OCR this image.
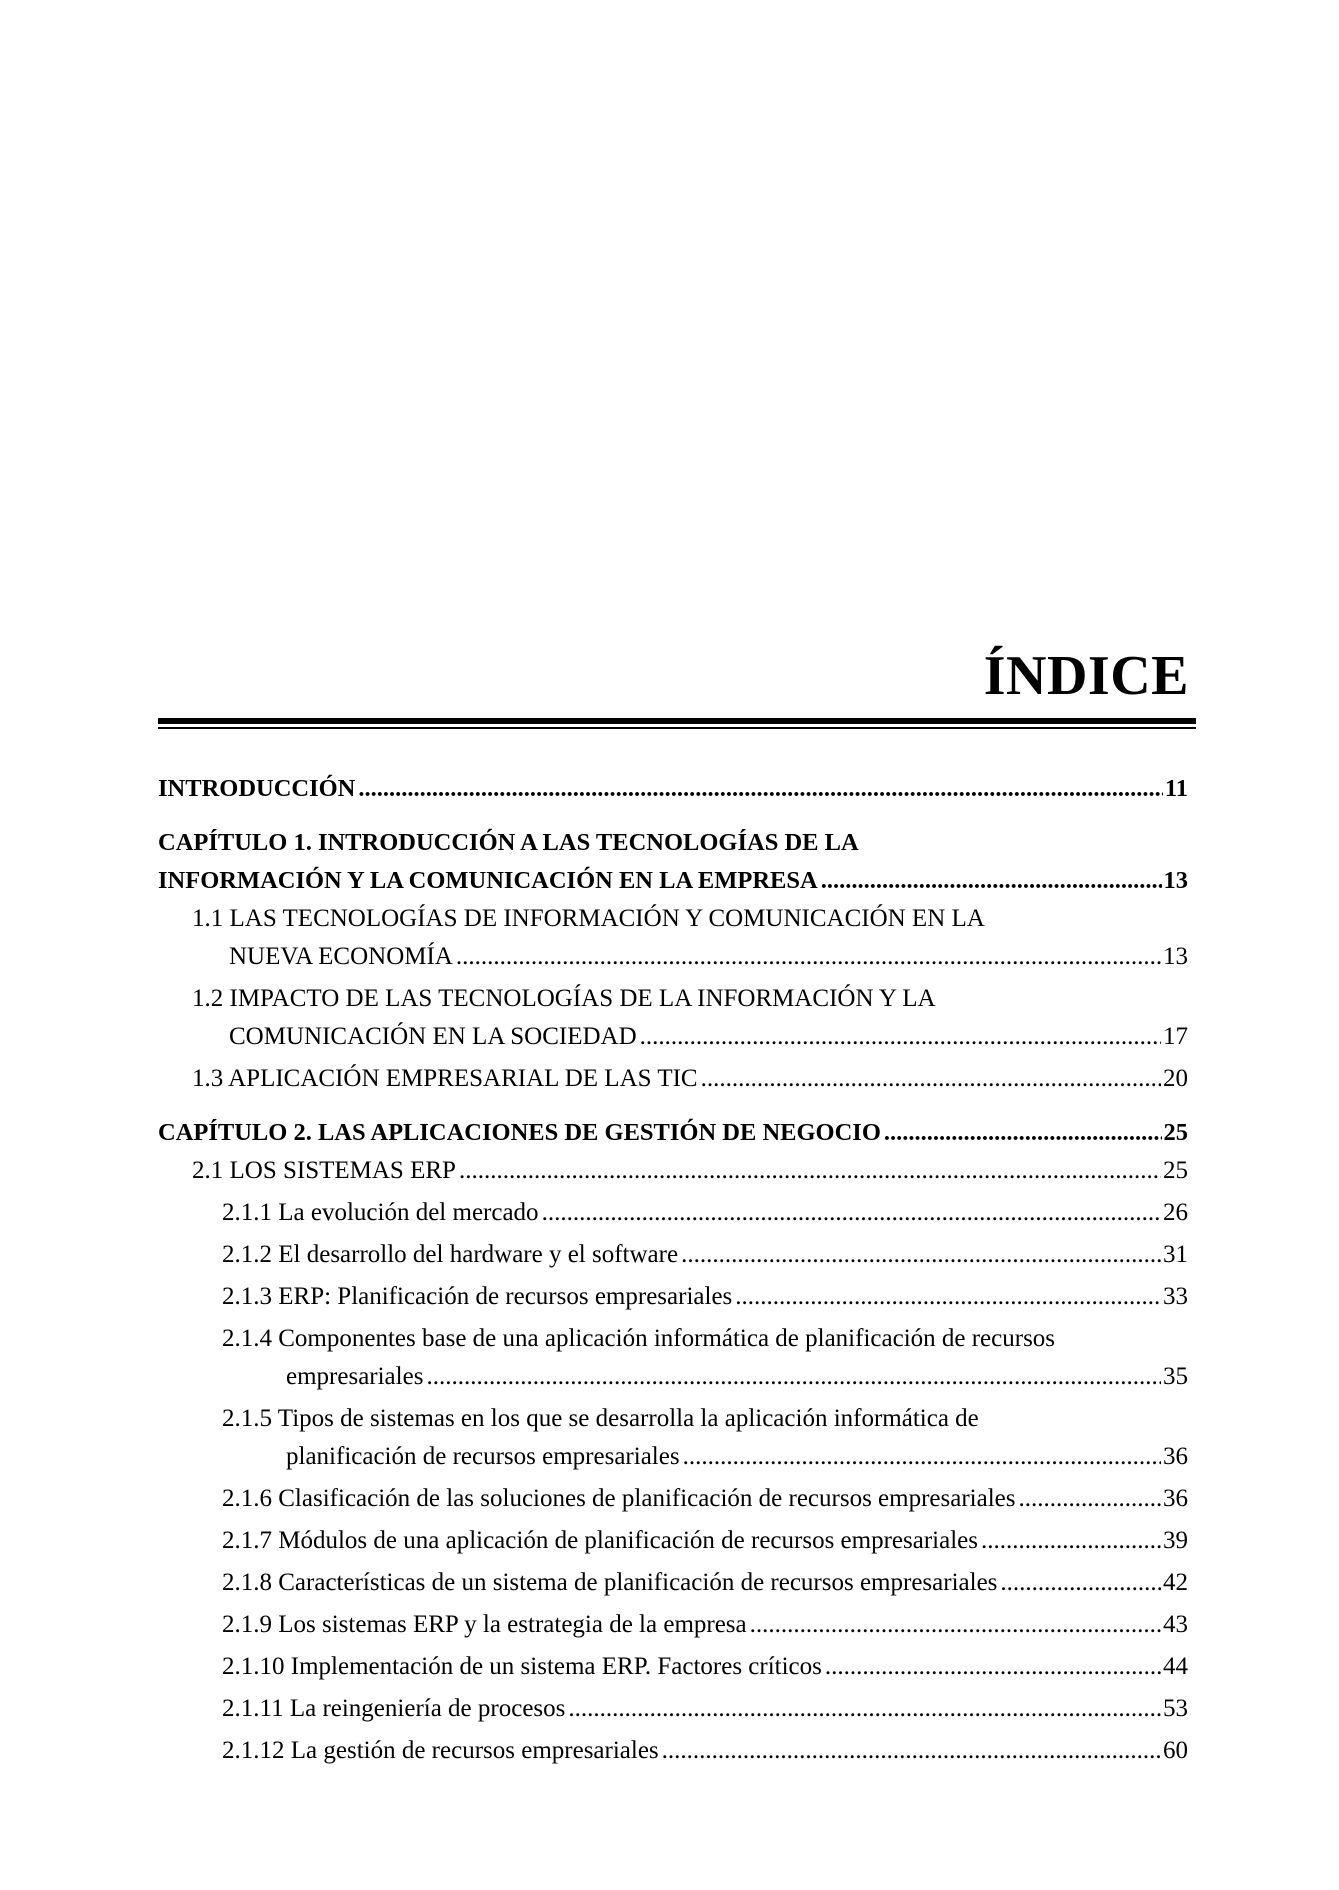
ÍNDICE
INTRODUCCIÓN .....	11
CAPÍTULO 1. INTRODUCCIÓN A LAS TECNOLOGÍAS DE LA
INFORMACIÓN Y LA COMUNICACIÓN EN LA EMPRESA .....	13
1.1 LAS TECNOLOGÍAS DE INFORMACIÓN Y COMUNICACIÓN EN LA
NUEVA ECONOMÍA .....	13
1.2 IMPACTO DE LAS TECNOLOGÍAS DE LA INFORMACIÓN Y LA
COMUNICACIÓN EN LA SOCIEDAD .....	17
1.3 APLICACIÓN EMPRESARIAL DE LAS TIC .....	20
CAPÍTULO 2. LAS APLICACIONES DE GESTIÓN DE NEGOCIO .....	25
2.1 LOS SISTEMAS ERP .....	25
2.1.1 La evolución del mercado .....	26
2.1.2 El desarrollo del hardware y el software .....	31
2.1.3 ERP: Planificación de recursos empresariales .....	33
2.1.4 Componentes base de una aplicación informática de planificación de recursos
empresariales .....	35
2.1.5 Tipos de sistemas en los que se desarrolla la aplicación informática de
planificación de recursos empresariales .....	36
2.1.6 Clasificación de las soluciones de planificación de recursos empresariales .....	36
2.1.7 Módulos de una aplicación de planificación de recursos empresariales .....	39
2.1.8 Características de un sistema de planificación de recursos empresariales .....	42
2.1.9 Los sistemas ERP y la estrategia de la empresa .....	43
2.1.10 Implementación de un sistema ERP. Factores críticos .....	44
2.1.11 La reingeniería de procesos .....	53
2.1.12 La gestión de recursos empresariales .....	60
